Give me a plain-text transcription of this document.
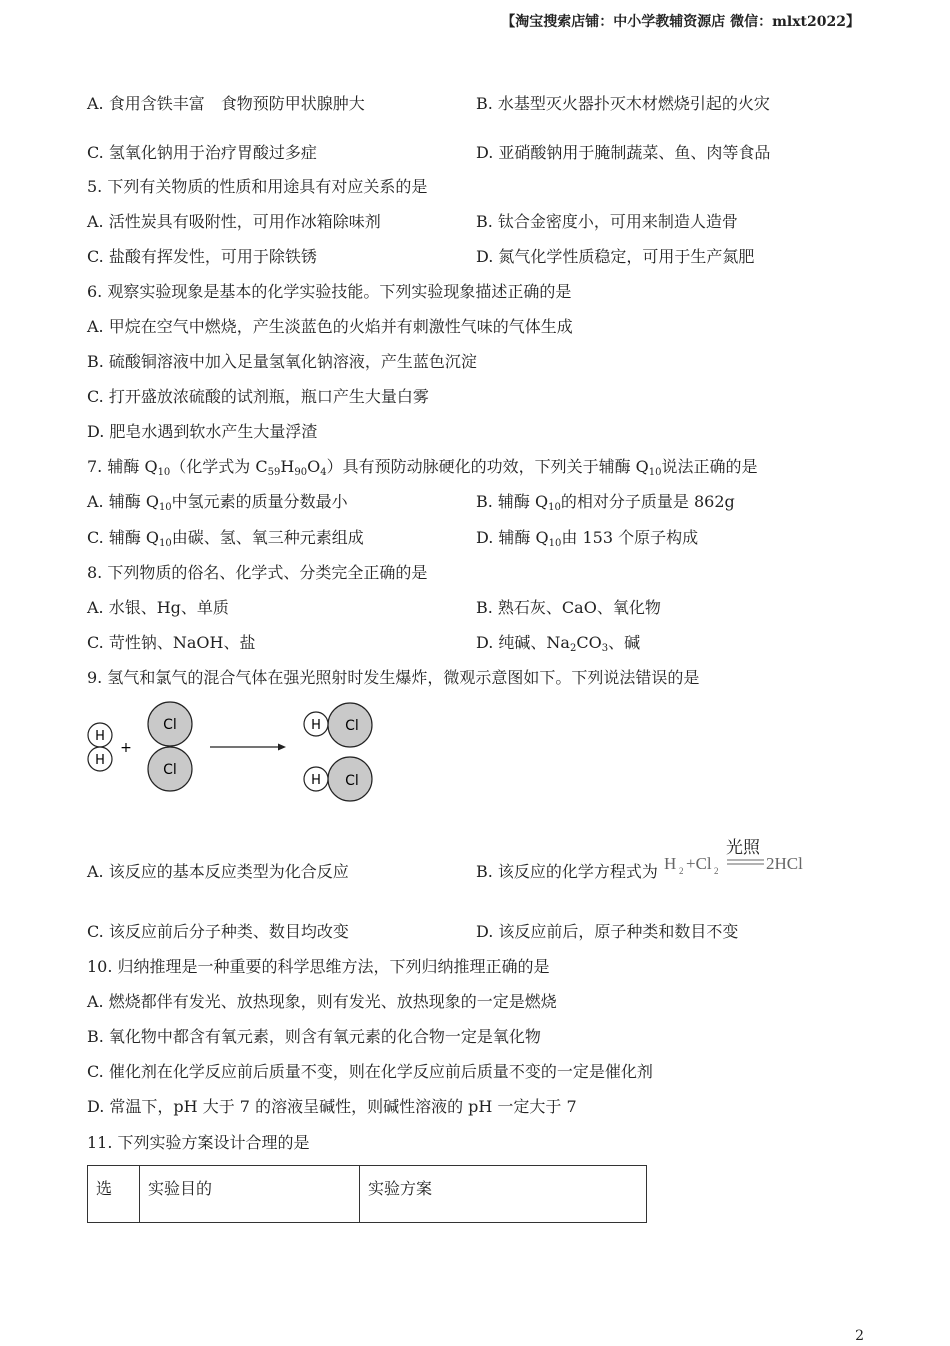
【淘宝搜索店铺：中小学教辅资源店 微信：mlxt2022】
A. 食用含铁丰富　食物预防甲状腺肿大	B. 水基型灭火器扑灭木材燃烧引起的火灾
C. 氢氧化钠用于治疗胃酸过多症	D. 亚硝酸钠用于腌制蔬菜、鱼、肉等食品
5. 下列有关物质的性质和用途具有对应关系的是
A. 活性炭具有吸附性，可用作冰箱除味剂	B. 钛合金密度小，可用来制造人造骨
C. 盐酸有挥发性，可用于除铁锈	D. 氮气化学性质稳定，可用于生产氮肥
6. 观察实验现象是基本的化学实验技能。下列实验现象描述正确的是
A. 甲烷在空气中燃烧，产生淡蓝色的火焰并有刺激性气味的气体生成
B. 硫酸铜溶液中加入足量氢氧化钠溶液，产生蓝色沉淀
C. 打开盛放浓硫酸的试剂瓶，瓶口产生大量白雾
D. 肥皂水遇到软水产生大量浮渣
7. 辅酶 $Q_{10}$（化学式为 $C_{59}H_{90}O_4$）具有预防动脉硬化的功效，下列关于辅酶 $Q_{10}$说法正确的是
A. 辅酶 $Q_{10}$中氢元素的质量分数最小	B. 辅酶 $Q_{10}$的相对分子质量是 862g
C. 辅酶 $Q_{10}$由碳、氢、氧三种元素组成	D. 辅酶 $Q_{10}$由 153 个原子构成
8. 下列物质的俗名、化学式、分类完全正确的是
A. 水银、Hg、单质	B. 熟石灰、CaO、氧化物
C. 苛性钠、NaOH、盐	D. 纯碱、$Na_2CO_3$、碱
9. 氢气和氯气的混合气体在强光照射时发生爆炸，微观示意图如下。下列说法错误的是
H
H
+
Cl
Cl
H Cl
H Cl
A. 该反应的基本反应类型为化合反应	B. 该反应的化学方程式为 H 2 +Cl 2
光照
2HCl
C. 该反应前后分子种类、数目均改变	D. 该反应前后，原子种类和数目不变
10. 归纳推理是一种重要的科学思维方法，下列归纳推理正确的是
A. 燃烧都伴有发光、放热现象，则有发光、放热现象的一定是燃烧
B. 氧化物中都含有氧元素，则含有氧元素的化合物一定是氧化物
C. 催化剂在化学反应前后质量不变，则在化学反应前后质量不变的一定是催化剂
D. 常温下，pH 大于 7 的溶液呈碱性，则碱性溶液的 pH 一定大于 7
11. 下列实验方案设计合理的是
选	实验目的	实验方案
2
